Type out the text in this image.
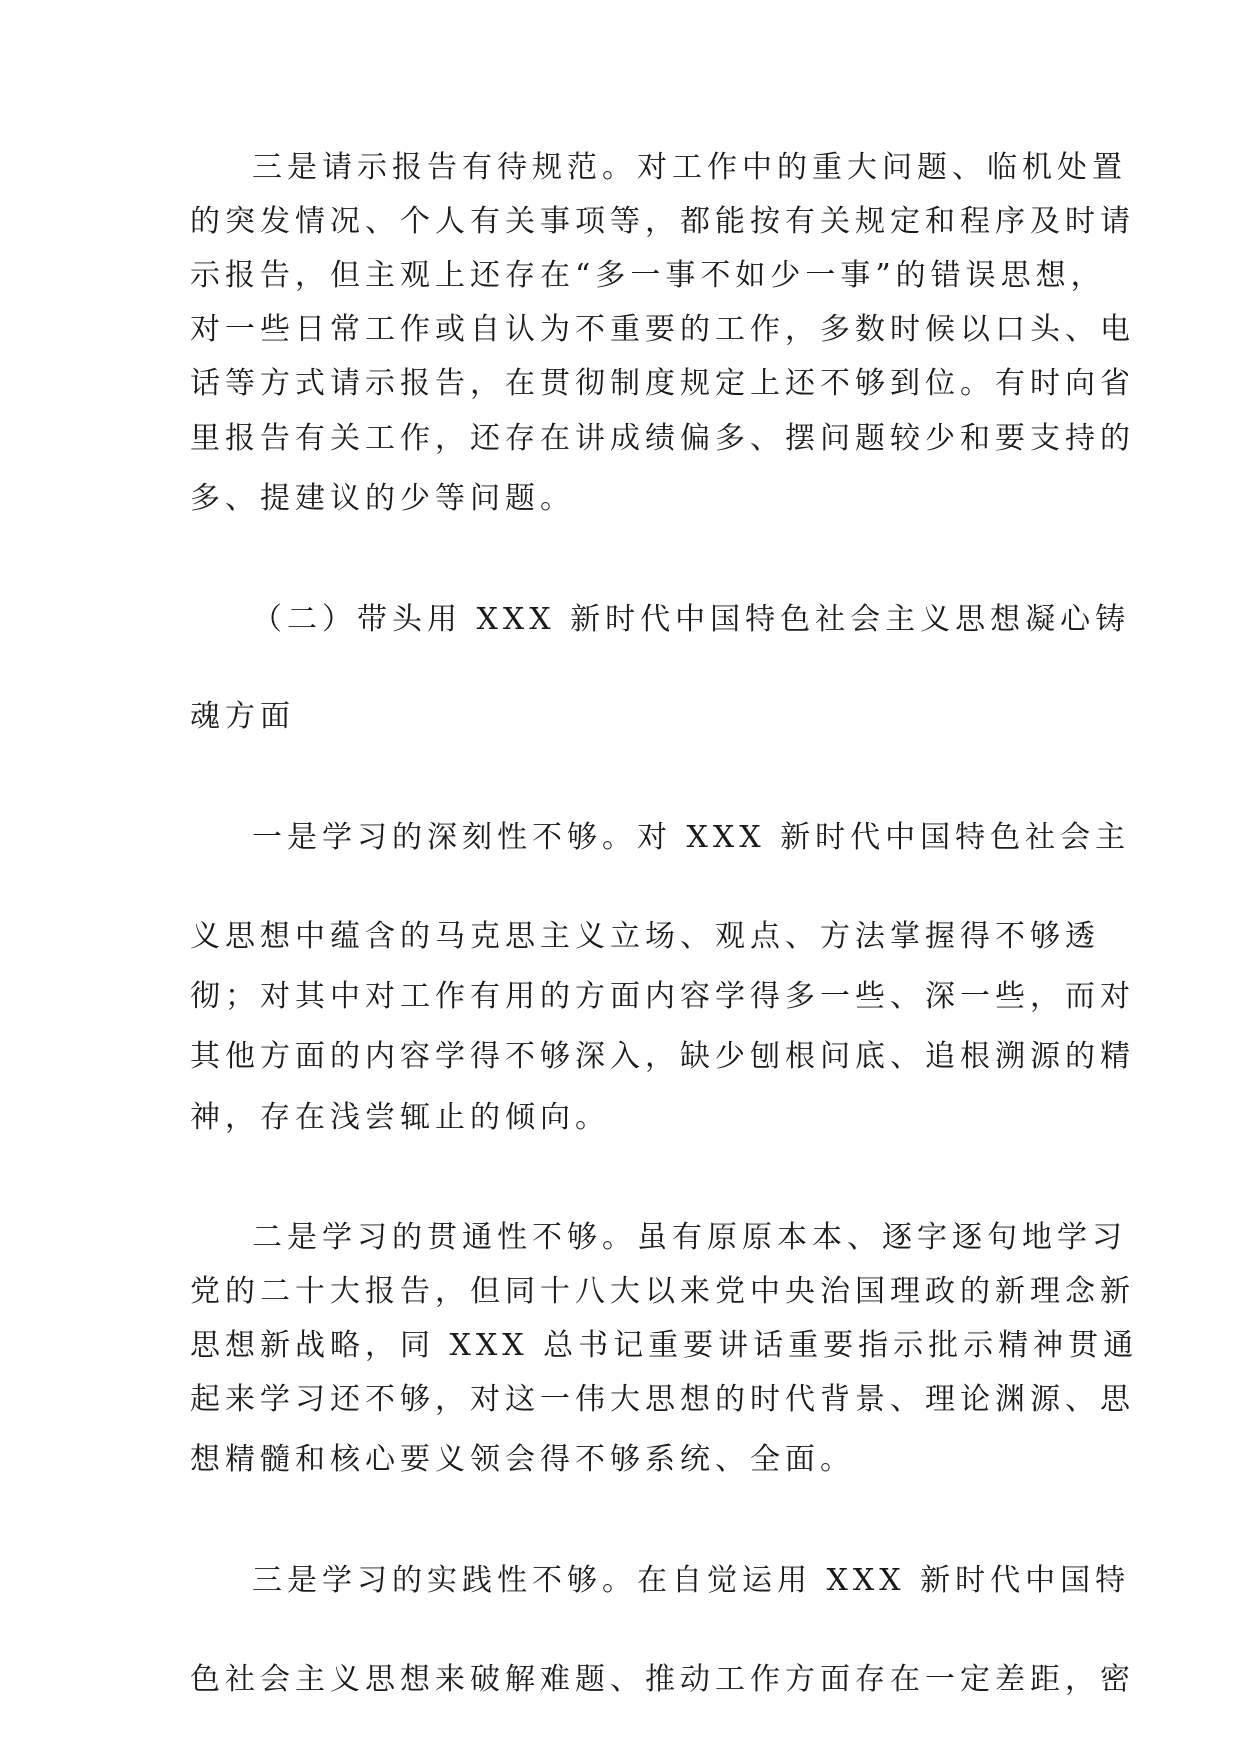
三是请示报告有待规范。对工作中的重大问题、临机处置
的突发情况、个人有关事项等，都能按有关规定和程序及时请
示报告，但主观上还存在“多一事不如少一事”的错误思想，
对一些日常工作或自认为不重要的工作，多数时候以口头、电
话等方式请示报告，在贯彻制度规定上还不够到位。有时向省
里报告有关工作，还存在讲成绩偏多、摆问题较少和要支持的
多、提建议的少等问题。
（二）带头用 XXX 新时代中国特色社会主义思想凝心铸
魂方面
一是学习的深刻性不够。对 XXX 新时代中国特色社会主
义思想中蕴含的马克思主义立场、观点、方法掌握得不够透
彻；对其中对工作有用的方面内容学得多一些、深一些，而对
其他方面的内容学得不够深入，缺少刨根问底、追根溯源的精
神，存在浅尝辄止的倾向。
二是学习的贯通性不够。虽有原原本本、逐字逐句地学习
党的二十大报告，但同十八大以来党中央治国理政的新理念新
思想新战略，同 XXX 总书记重要讲话重要指示批示精神贯通
起来学习还不够，对这一伟大思想的时代背景、理论渊源、思
想精髓和核心要义领会得不够系统、全面。
三是学习的实践性不够。在自觉运用 XXX 新时代中国特
色社会主义思想来破解难题、推动工作方面存在一定差距，密
